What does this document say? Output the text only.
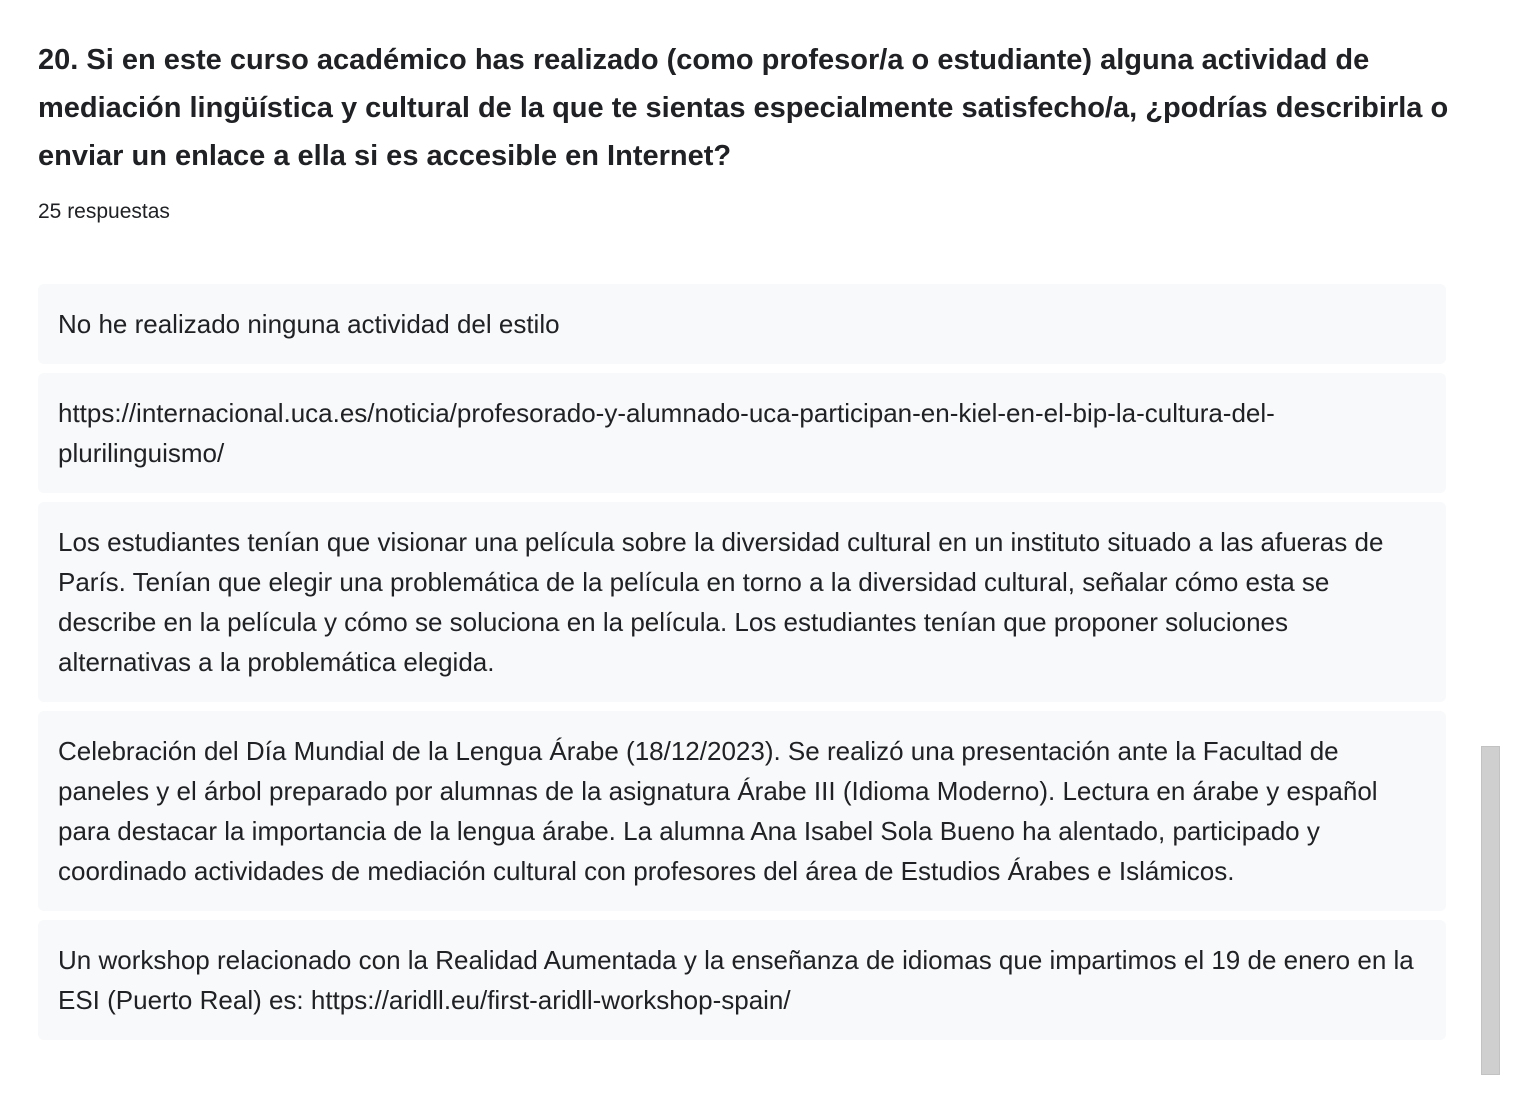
20. Si en este curso académico has realizado (como profesor/a o estudiante) alguna actividad de mediación lingüística y cultural de la que te sientas especialmente satisfecho/a, ¿podrías describirla o enviar un enlace a ella si es accesible en Internet?
25 respuestas
No he realizado ninguna actividad del estilo
https://internacional.uca.es/noticia/profesorado-y-alumnado-uca-participan-en-kiel-en-el-bip-la-cultura-del-plurilinguismo/
Los estudiantes tenían que visionar una película sobre la diversidad cultural en un instituto situado a las afueras de París. Tenían que elegir una problemática de la película en torno a la diversidad cultural, señalar cómo esta se describe en la película y cómo se soluciona en la película. Los estudiantes tenían que proponer soluciones alternativas a la problemática elegida.
Celebración del Día Mundial de la Lengua Árabe (18/12/2023). Se realizó una presentación ante la Facultad de paneles y el árbol preparado por alumnas de la asignatura Árabe III (Idioma Moderno). Lectura en árabe y español para destacar la importancia de la lengua árabe. La alumna Ana Isabel Sola Bueno ha alentado, participado y coordinado actividades de mediación cultural con profesores del área de Estudios Árabes e Islámicos.
Un workshop relacionado con la Realidad Aumentada y la enseñanza de idiomas que impartimos el 19 de enero en la ESI (Puerto Real) es: https://aridll.eu/first-aridll-workshop-spain/
